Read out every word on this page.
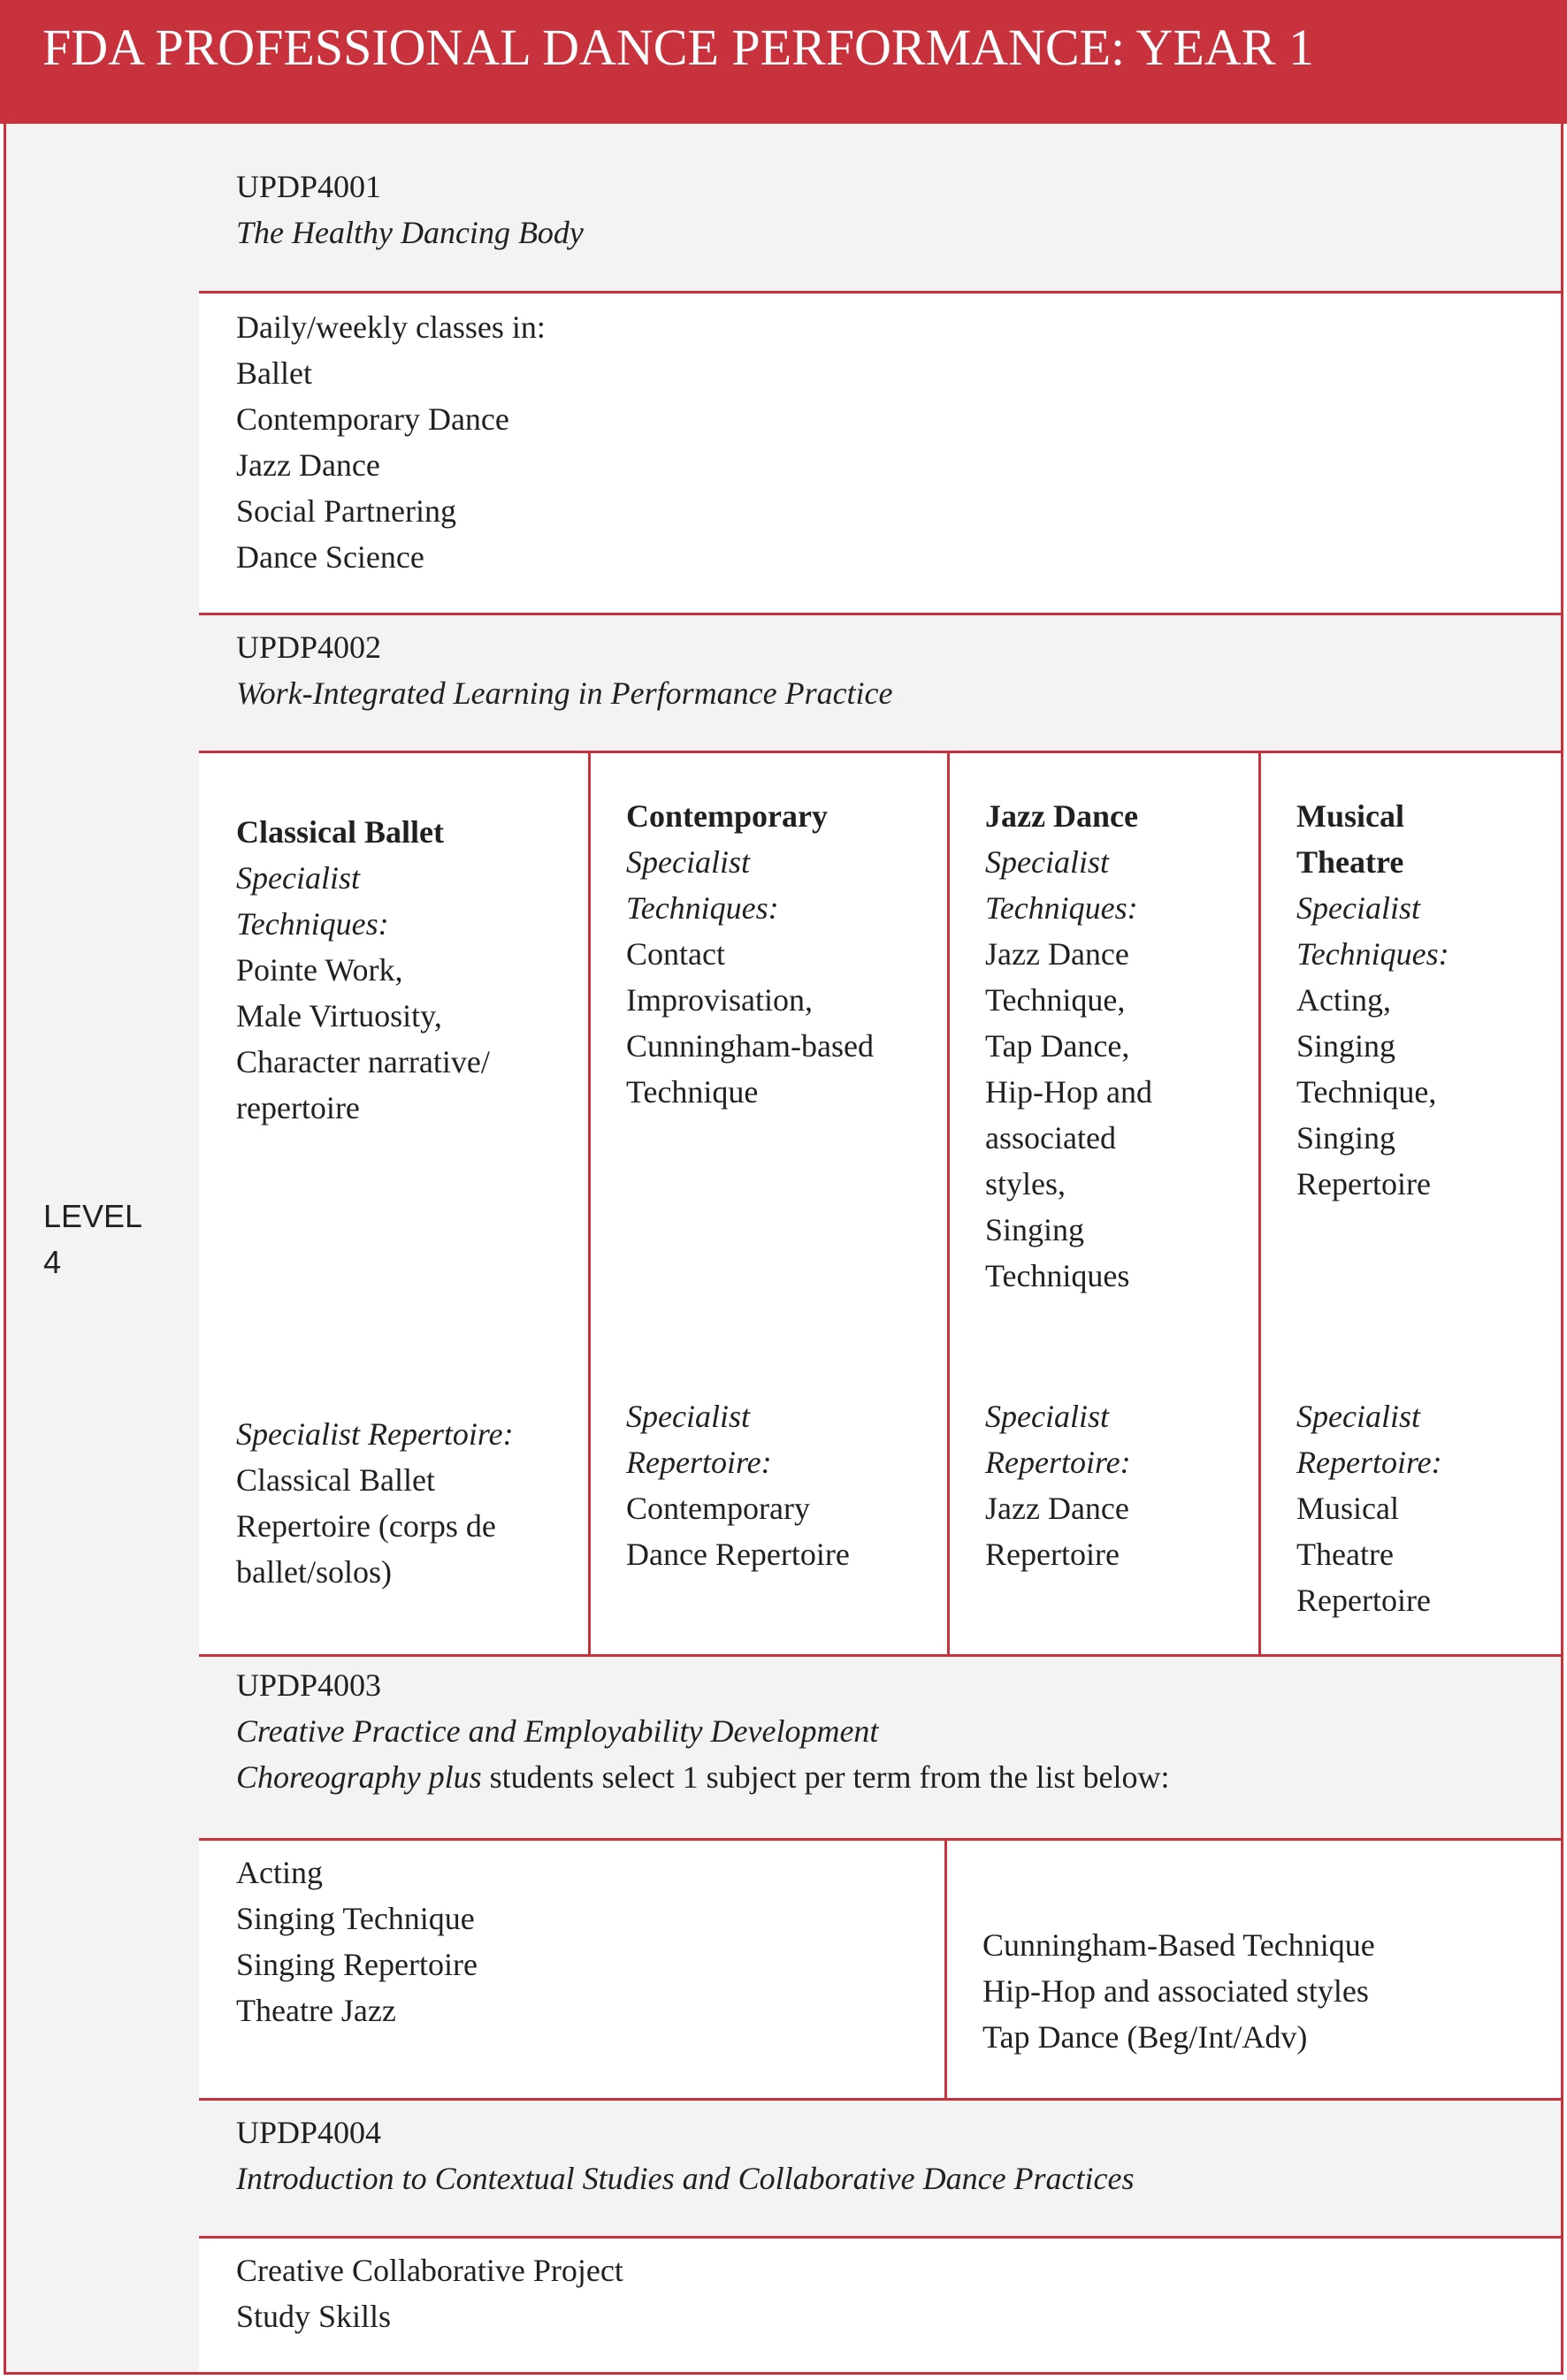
FDA PROFESSIONAL DANCE PERFORMANCE: YEAR 1
LEVEL 4
UPDP4001
The Healthy Dancing Body
Daily/weekly classes in:
Ballet
Contemporary Dance
Jazz Dance
Social Partnering
Dance Science
UPDP4002
Work-Integrated Learning in Performance Practice
Classical Ballet
Specialist
Techniques:
Pointe Work,
Male Virtuosity,
Character narrative/
repertoire
Specialist Repertoire:
Classical Ballet
Repertoire (corps de
ballet/solos)
Contemporary
Specialist
Techniques:
Contact
Improvisation,
Cunningham-based
Technique
Specialist
Repertoire:
Contemporary
Dance Repertoire
Jazz Dance
Specialist
Techniques:
Jazz Dance
Technique,
Tap Dance,
Hip-Hop and
associated
styles,
Singing
Techniques
Specialist
Repertoire:
Jazz Dance
Repertoire
Musical
Theatre
Specialist
Techniques:
Acting,
Singing
Technique,
Singing
Repertoire
Specialist
Repertoire:
Musical
Theatre
Repertoire
UPDP4003
Creative Practice and Employability Development
Choreography plus students select 1 subject per term from the list below:
Acting
Singing Technique
Singing Repertoire
Theatre Jazz
Cunningham-Based Technique
Hip-Hop and associated styles
Tap Dance (Beg/Int/Adv)
UPDP4004
Introduction to Contextual Studies and Collaborative Dance Practices
Creative Collaborative Project
Study Skills
